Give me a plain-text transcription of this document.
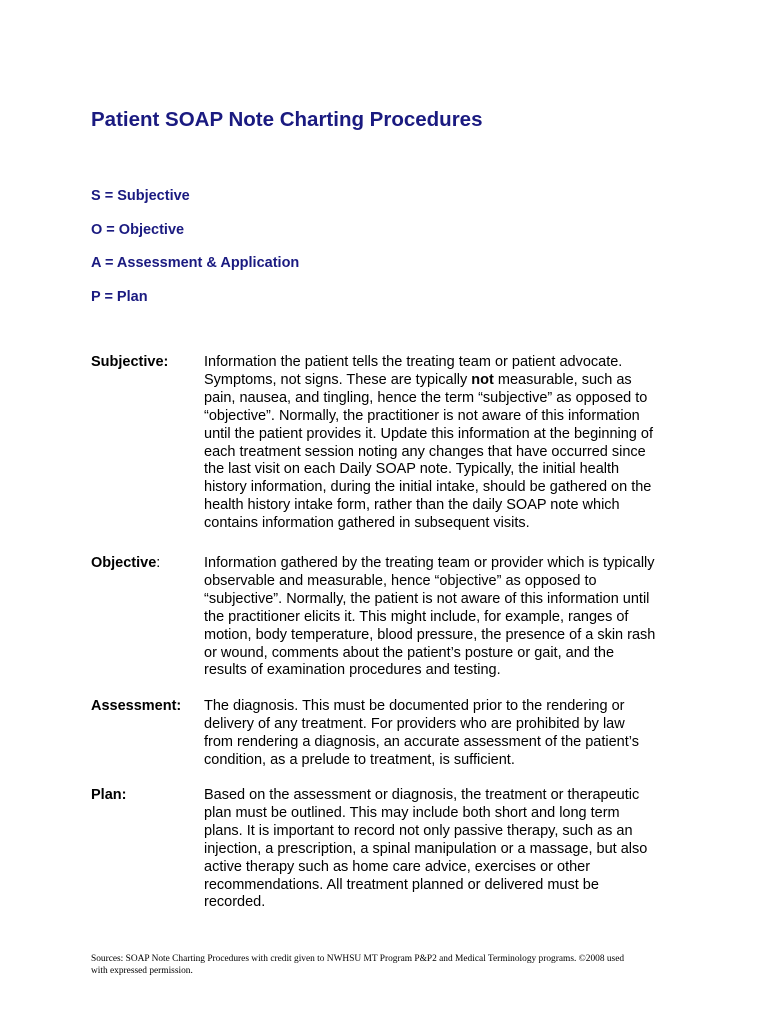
Patient SOAP Note Charting Procedures
S = Subjective
O = Objective
A = Assessment & Application
P = Plan
Subjective: Information the patient tells the treating team or patient advocate.
Symptoms, not signs. These are typically not measurable, such as
pain, nausea, and tingling, hence the term “subjective” as opposed to
“objective”. Normally, the practitioner is not aware of this information
until the patient provides it. Update this information at the beginning of
each treatment session noting any changes that have occurred since
the last visit on each Daily SOAP note. Typically, the initial health
history information, during the initial intake, should be gathered on the
health history intake form, rather than the daily SOAP note which
contains information gathered in subsequent visits.
Objective:	Information gathered by the treating team or provider which is typically
observable and measurable, hence “objective” as opposed to
“subjective”. Normally, the patient is not aware of this information until
the practitioner elicits it. This might include, for example, ranges of
motion, body temperature, blood pressure, the presence of a skin rash
or wound, comments about the patient’s posture or gait, and the
results of examination procedures and testing.
Assessment: The diagnosis. This must be documented prior to the rendering or
delivery of any treatment. For providers who are prohibited by law
from rendering a diagnosis, an accurate assessment of the patient’s
condition, as a prelude to treatment, is sufficient.
Plan:	Based on the assessment or diagnosis, the treatment or therapeutic
plan must be outlined. This may include both short and long term
plans. It is important to record not only passive therapy, such as an
injection, a prescription, a spinal manipulation or a massage, but also
active therapy such as home care advice, exercises or other
recommendations. All treatment planned or delivered must be
recorded.
Sources: SOAP Note Charting Procedures with credit given to NWHSU MT Program P&P2 and Medical Terminology programs. ©2008 used
with expressed permission.
